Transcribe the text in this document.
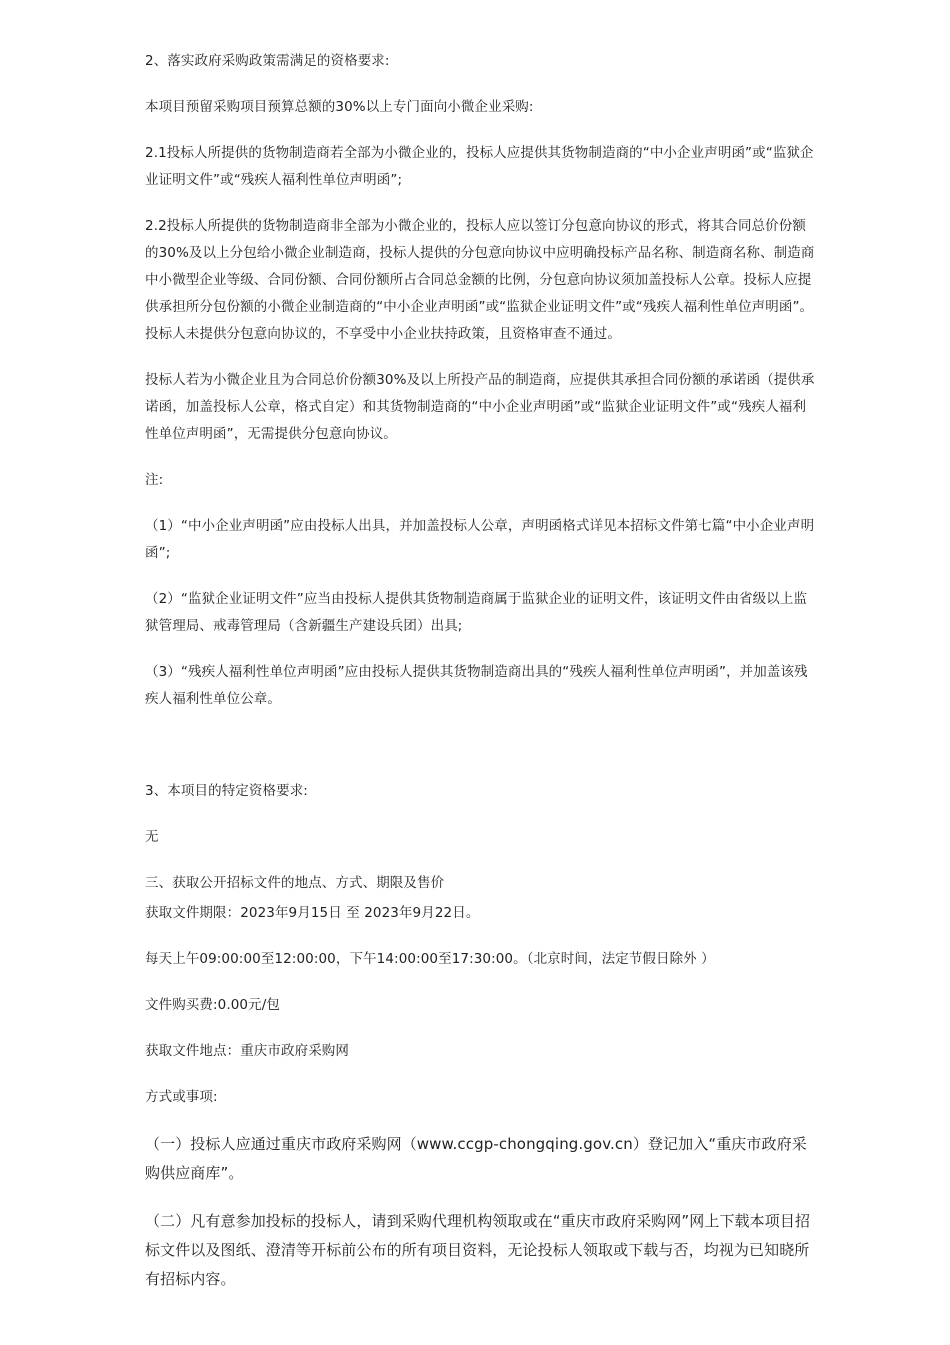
2、落实政府采购政策需满足的资格要求:

本项目预留采购项目预算总额的30%以上专门面向小微企业采购:

2.1投标人所提供的货物制造商若全部为小微企业的，投标人应提供其货物制造商的“中小企业声明函”或“监狱企业证明文件”或“残疾人福利性单位声明函”;

2.2投标人所提供的货物制造商非全部为小微企业的，投标人应以签订分包意向协议的形式，将其合同总价份额的30%及以上分包给小微企业制造商，投标人提供的分包意向协议中应明确投标产品名称、制造商名称、制造商中小微型企业等级、合同份额、合同份额所占合同总金额的比例，分包意向协议须加盖投标人公章。投标人应提供承担所分包份额的小微企业制造商的“中小企业声明函”或“监狱企业证明文件”或“残疾人福利性单位声明函”。投标人未提供分包意向协议的，不享受中小企业扶持政策，且资格审查不通过。

投标人若为小微企业且为合同总价份额30%及以上所投产品的制造商，应提供其承担合同份额的承诺函（提供承诺函，加盖投标人公章，格式自定）和其货物制造商的“中小企业声明函”或“监狱企业证明文件”或“残疾人福利性单位声明函”，无需提供分包意向协议。

注:

（1）“中小企业声明函”应由投标人出具，并加盖投标人公章，声明函格式详见本招标文件第七篇“中小企业声明函”;

（2）“监狱企业证明文件”应当由投标人提供其货物制造商属于监狱企业的证明文件，该证明文件由省级以上监狱管理局、戒毒管理局（含新疆生产建设兵团）出具;

（3）“残疾人福利性单位声明函”应由投标人提供其货物制造商出具的“残疾人福利性单位声明函”，并加盖该残疾人福利性单位公章。

3、本项目的特定资格要求:

无

三、获取公开招标文件的地点、方式、期限及售价

获取文件期限：2023年9月15日 至 2023年9月22日。

每天上午09:00:00至12:00:00，下午14:00:00至17:30:00。（北京时间，法定节假日除外 ）

文件购买费:0.00元/包

获取文件地点：重庆市政府采购网

方式或事项:

（一）投标人应通过重庆市政府采购网（www.ccgp-chongqing.gov.cn）登记加入“重庆市政府采购供应商库”。

（二）凡有意参加投标的投标人，请到采购代理机构领取或在“重庆市政府采购网”网上下载本项目招标文件以及图纸、澄清等开标前公布的所有项目资料，无论投标人领取或下载与否，均视为已知晓所有招标内容。
